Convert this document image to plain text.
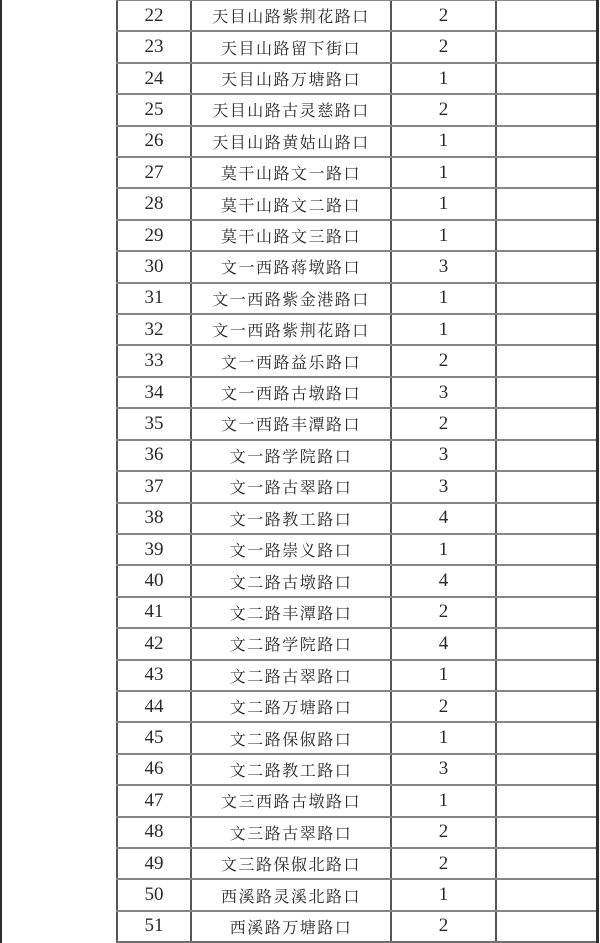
22	天目山路紫荆花路口	2
23	天目山路留下街口	2
24	天目山路万塘路口	1
25	天目山路古灵慈路口	2
26	天目山路黄姑山路口	1
27	莫干山路文一路口	1
28	莫干山路文二路口	1
29	莫干山路文三路口	1
30	文一西路蒋墩路口	3
31	文一西路紫金港路口	1
32	文一西路紫荆花路口	1
33	文一西路益乐路口	2
34	文一西路古墩路口	3
35	文一西路丰潭路口	2
36	文一路学院路口	3
37	文一路古翠路口	3
38	文一路教工路口	4
39	文一路崇义路口	1
40	文二路古墩路口	4
41	文二路丰潭路口	2
42	文二路学院路口	4
43	文二路古翠路口	1
44	文二路万塘路口	2
45	文二路保俶路口	1
46	文二路教工路口	3
47	文三西路古墩路口	1
48	文三路古翠路口	2
49	文三路保俶北路口	2
50	西溪路灵溪北路口	1
51	西溪路万塘路口	2
